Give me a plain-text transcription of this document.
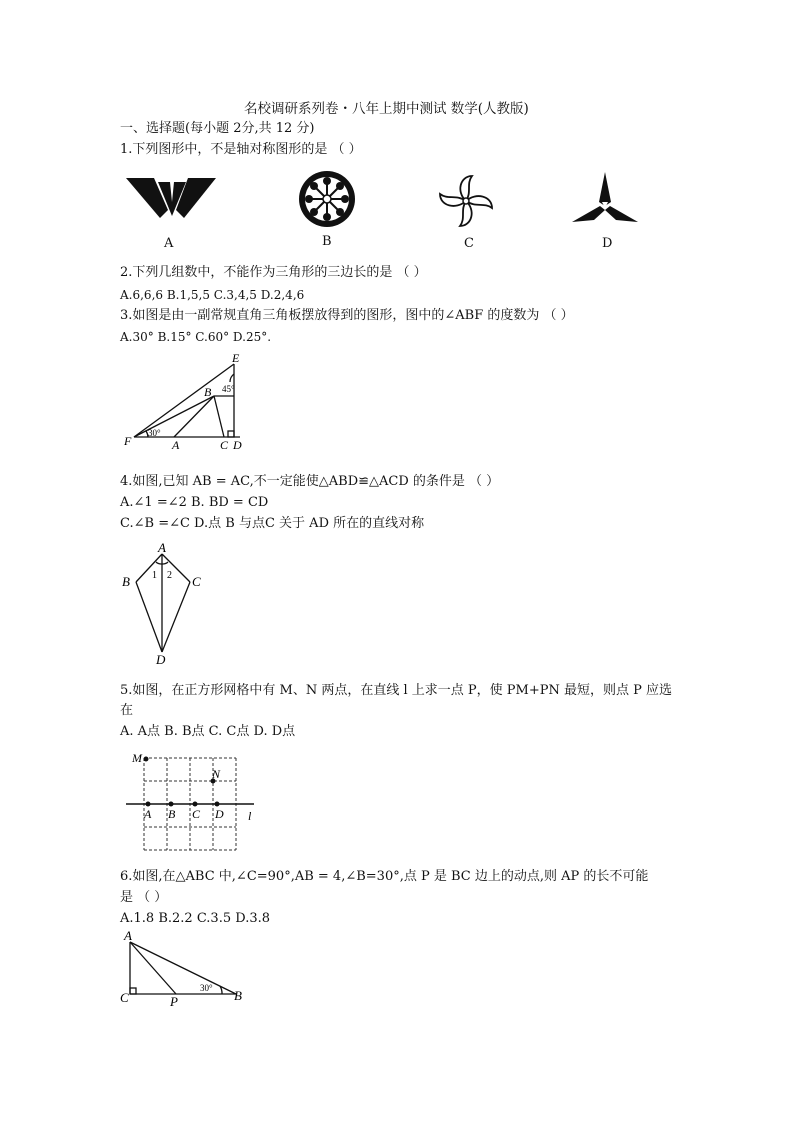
名校调研系列卷・八年上期中测试 数学(人教版)
一、选择题(每小题 2分,共 12 分)
1.下列图形中，不是轴对称图形的是 （ ）
A	B	C	D
2.下列几组数中，不能作为三角形的三边长的是 （ ）
A.6,6,6 B.1,5,5 C.3,4,5 D.2,4,6
3.如图是由一副常规直角三角板摆放得到的图形，图中的∠ABF 的度数为 （ ）
A.30° B.15° C.60° D.25°.
E
B 45°
F
30°
A	C D
4.如图,已知 AB = AC,不一定能使△ABD≌△ACD 的条件是 （ ）
A.∠1 =∠2 B. BD = CD
C.∠B =∠C D.点 B 与点C 关于 AD 所在的直线对称
A
B	C
D
1 2
5.如图，在正方形网格中有 M、N 两点，在直线 l 上求一点 P，使 PM+PN 最短，则点 P 应选
在
A. A点 B. B点 C. C点 D. D点
M
N
A B C D l
6.如图,在△ABC 中,∠C=90°,AB = 4,∠B=30°,点 P 是 BC 边上的动点,则 AP 的长不可能
是 （ ）
A.1.8 B.2.2 C.3.5 D.3.8
A
C	P	B
30°
